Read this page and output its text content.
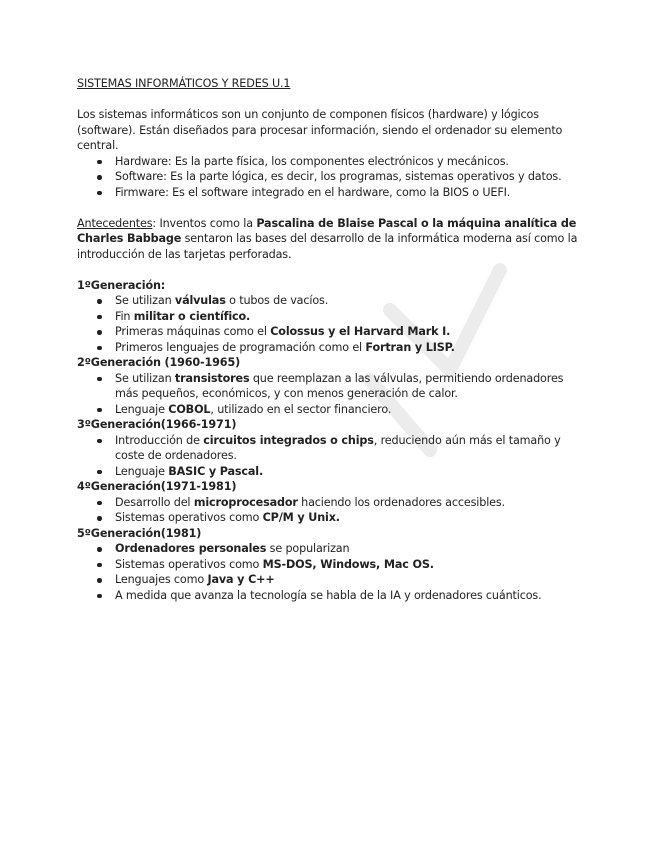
SISTEMAS INFORMÁTICOS Y REDES U.1

Los sistemas informáticos son un conjunto de componen físicos (hardware) y lógicos (software). Están diseñados para procesar información, siendo el ordenador su elemento central.

Hardware: Es la parte física, los componentes electrónicos y mecánicos.
Software: Es la parte lógica, es decir, los programas, sistemas operativos y datos.
Firmware: Es el software integrado en el hardware, como la BIOS o UEFI.

Antecedentes: Inventos como la Pascalina de Blaise Pascal o la máquina analítica de Charles Babbage sentaron las bases del desarrollo de la informática moderna así como la introducción de las tarjetas perforadas.

1ºGeneración:

Se utilizan válvulas o tubos de vacíos.
Fin militar o científico.
Primeras máquinas como el Colossus y el Harvard Mark I.
Primeros lenguajes de programación como el Fortran y LISP.

2ºGeneración (1960-1965)

Se utilizan transistores que reemplazan a las válvulas, permitiendo ordenadores más pequeños, económicos, y con menos generación de calor.
Lenguaje COBOL, utilizado en el sector financiero.

3ºGeneración(1966-1971)

Introducción de circuitos integrados o chips, reduciendo aún más el tamaño y coste de ordenadores.
Lenguaje BASIC y Pascal.

4ºGeneración(1971-1981)

Desarrollo del microprocesador haciendo los ordenadores accesibles.
Sistemas operativos como CP/M y Unix.

5ºGeneración(1981)

Ordenadores personales se popularizan
Sistemas operativos como MS-DOS, Windows, Mac OS.
Lenguajes como Java y C++
A medida que avanza la tecnología se habla de la IA y ordenadores cuánticos.
